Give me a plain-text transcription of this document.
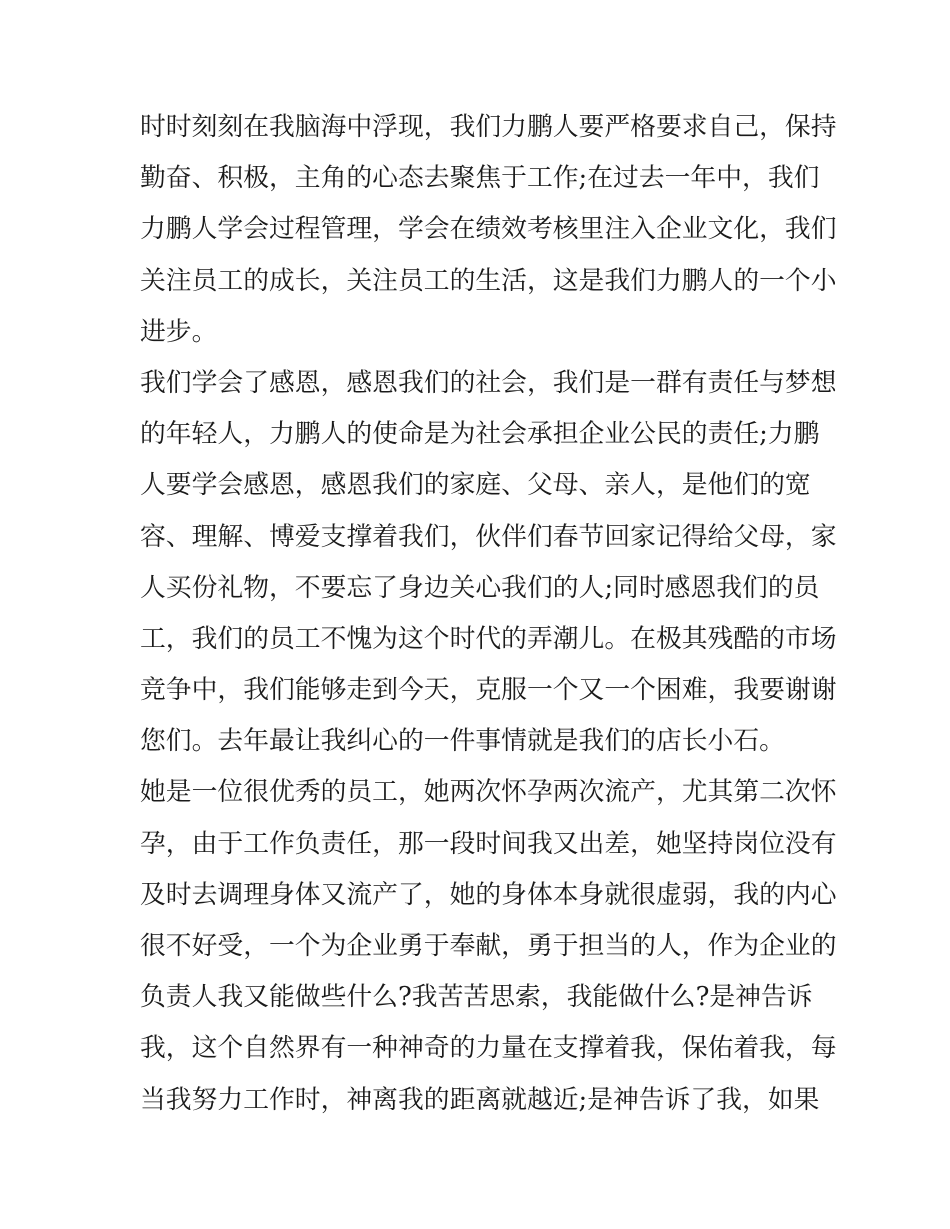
时时刻刻在我脑海中浮现，我们力鹏人要严格要求自己，保持
勤奋、积极，主角的心态去聚焦于工作;在过去一年中，我们
力鹏人学会过程管理，学会在绩效考核里注入企业文化，我们
关注员工的成长，关注员工的生活，这是我们力鹏人的一个小
进步。
我们学会了感恩，感恩我们的社会，我们是一群有责任与梦想
的年轻人，力鹏人的使命是为社会承担企业公民的责任;力鹏
人要学会感恩，感恩我们的家庭、父母、亲人，是他们的宽
容、理解、博爱支撑着我们，伙伴们春节回家记得给父母，家
人买份礼物，不要忘了身边关心我们的人;同时感恩我们的员
工，我们的员工不愧为这个时代的弄潮儿。在极其残酷的市场
竞争中，我们能够走到今天，克服一个又一个困难，我要谢谢
您们。去年最让我纠心的一件事情就是我们的店长小石。
她是一位很优秀的员工，她两次怀孕两次流产，尤其第二次怀
孕，由于工作负责任，那一段时间我又出差，她坚持岗位没有
及时去调理身体又流产了，她的身体本身就很虚弱，我的内心
很不好受，一个为企业勇于奉献，勇于担当的人，作为企业的
负责人我又能做些什么?我苦苦思索，我能做什么?是神告诉
我，这个自然界有一种神奇的力量在支撑着我，保佑着我，每
当我努力工作时，神离我的距离就越近;是神告诉了我，如果
